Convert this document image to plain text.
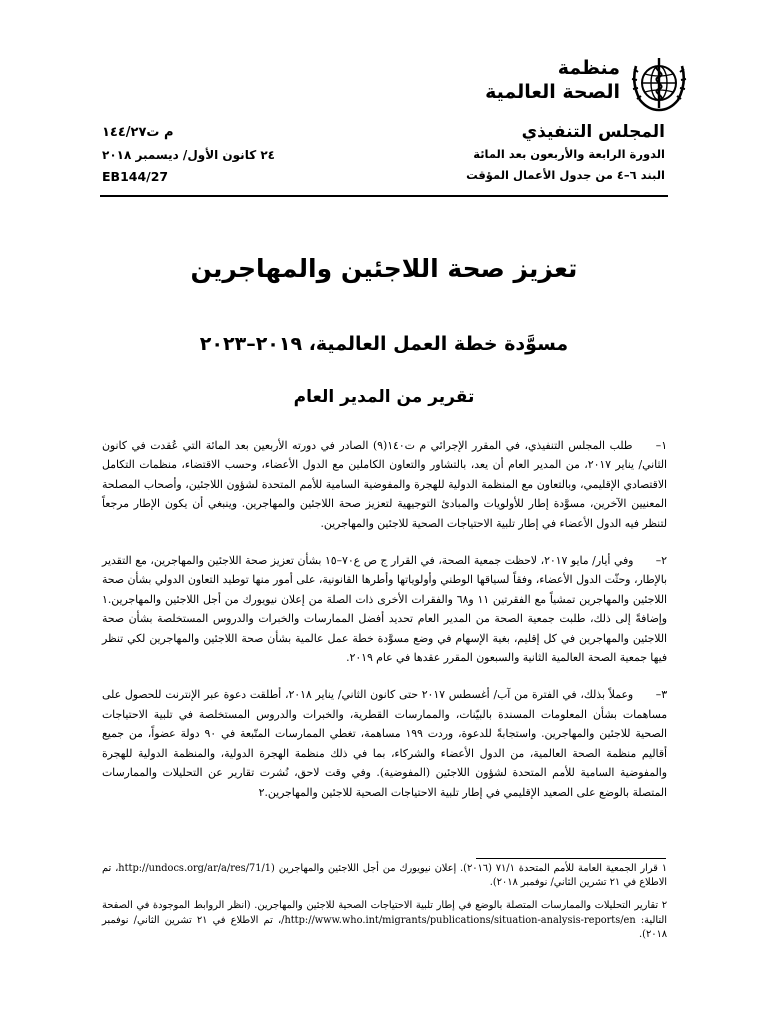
منظمة
الصحة العالمية
المجلس التنفيذي
الدورة الرابعة والأربعون بعد المائة
البند ٦–٤ من جدول الأعمال المؤقت
م ت١٤٤/٢٧
٢٤ كانون الأول/ ديسمبر ٢٠١٨
EB144/27
تعزيز صحة اللاجئين والمهاجرين
مسوَّدة خطة العمل العالمية، ٢٠١٩–٢٠٢٣
تقرير من المدير العام

١– طلب المجلس التنفيذي، في المقرر الإجرائي م ت١٤٠(٩) الصادر في دورته الأربعين بعد المائة التي عُقدت في كانون الثاني/ يناير ٢٠١٧، من المدير العام أن يعد، بالتشاور والتعاون الكاملين مع الدول الأعضاء، وحسب الاقتضاء، منظمات التكامل الاقتصادي الإقليمي، وبالتعاون مع المنظمة الدولية للهجرة والمفوضية السامية للأمم المتحدة لشؤون اللاجئين، وأصحاب المصلحة المعنيين الآخرين، مسوَّدة إطار للأولويات والمبادئ التوجيهية لتعزيز صحة اللاجئين والمهاجرين. وينبغي أن يكون الإطار مرجعاً لتنظر فيه الدول الأعضاء في إطار تلبية الاحتياجات الصحية للاجئين والمهاجرين.

٢– وفي أيار/ مايو ٢٠١٧، لاحظت جمعية الصحة، في القرار ج ص ع٧٠–١٥ بشأن تعزيز صحة اللاجئين والمهاجرين، مع التقدير بالإطار، وحثّت الدول الأعضاء، وفقاً لسياقها الوطني وأولوياتها وأطرها القانونية، على أمور منها توطيد التعاون الدولي بشأن صحة اللاجئين والمهاجرين تمشياً مع الفقرتين ١١ و٦٨ والفقرات الأخرى ذات الصلة من إعلان نيويورك من أجل اللاجئين والمهاجرين.١ وإضافةً إلى ذلك، طلبت جمعية الصحة من المدير العام تحديد أفضل الممارسات والخبرات والدروس المستخلصة بشأن صحة اللاجئين والمهاجرين في كل إقليم، بغية الإسهام في وضع مسوَّدة خطة عمل عالمية بشأن صحة اللاجئين والمهاجرين لكي تنظر فيها جمعية الصحة العالمية الثانية والسبعون المقرر عقدها في عام ٢٠١٩.

٣– وعملاً بذلك، في الفترة من آب/ أغسطس ٢٠١٧ حتى كانون الثاني/ يناير ٢٠١٨، أطلقت دعوة عبر الإنترنت للحصول على مساهمات بشأن المعلومات المسندة بالبيّنات، والممارسات القطرية، والخبرات والدروس المستخلصة في تلبية الاحتياجات الصحية للاجئين والمهاجرين. واستجابةً للدعوة، وردت ١٩٩ مساهمة، تغطي الممارسات المتّبعة في ٩٠ دولة عضواً، من جميع أقاليم منظمة الصحة العالمية، من الدول الأعضاء والشركاء، بما في ذلك منظمة الهجرة الدولية، والمنظمة الدولية للهجرة والمفوضية السامية للأمم المتحدة لشؤون اللاجئين (المفوضية). وفي وقت لاحق، نُشرت تقارير عن التحليلات والممارسات المتصلة بالوضع على الصعيد الإقليمي في إطار تلبية الاحتياجات الصحية للاجئين والمهاجرين.٢

١ قرار الجمعية العامة للأمم المتحدة ٧١/١ (٢٠١٦). إعلان نيويورك من أجل اللاجئين والمهاجرين (http://undocs.org/ar/a/res/71/1، تم الاطلاع في ٢١ تشرين الثاني/ نوفمبر ٢٠١٨).
٢ تقارير التحليلات والممارسات المتصلة بالوضع في إطار تلبية الاحتياجات الصحية للاجئين والمهاجرين. (انظر الروابط الموجودة في الصفحة التالية: http://www.who.int/migrants/publications/situation-analysis-reports/en/، تم الاطلاع في ٢١ تشرين الثاني/ نوفمبر ٢٠١٨).
